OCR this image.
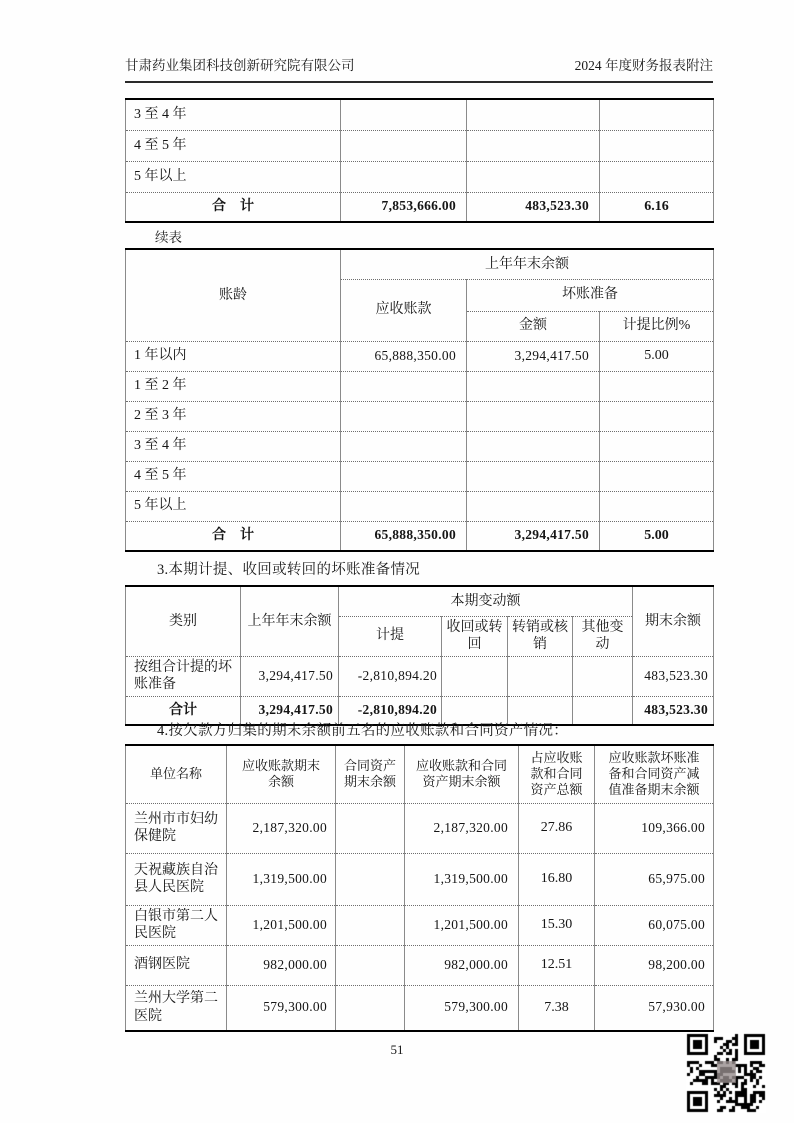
甘肃药业集团科技创新研究院有限公司	2024 年度财务报表附注
3 至 4 年			
4 至 5 年			
5 年以上			
合　计	7,853,666.00	483,523.30	6.16
续表
账龄	上年年末余额		
	应收账款	坏账准备	
		金额	计提比例%
1 年以内	65,888,350.00	3,294,417.50	5.00
1 至 2 年			
2 至 3 年			
3 至 4 年			
4 至 5 年			
5 年以上			
合　计	65,888,350.00	3,294,417.50	5.00
3.本期计提、收回或转回的坏账准备情况
类别	上年年末余额	本期变动额				期末余额
		计提	收回或转回	转销或核销	其他变动	
按组合计提的坏账准备	3,294,417.50	-2,810,894.20				483,523.30
合计	3,294,417.50	-2,810,894.20				483,523.30
4.按欠款方归集的期末余额前五名的应收账款和合同资产情况：
单位名称	应收账款期末余额	合同资产期末余额	应收账款和合同资产期末余额	占应收账款和合同资产总额	应收账款坏账准备和合同资产减值准备期末余额
兰州市市妇幼保健院	2,187,320.00		2,187,320.00	27.86	109,366.00
天祝藏族自治县人民医院	1,319,500.00		1,319,500.00	16.80	65,975.00
白银市第二人民医院	1,201,500.00		1,201,500.00	15.30	60,075.00
酒钢医院	982,000.00		982,000.00	12.51	98,200.00
兰州大学第二医院	579,300.00		579,300.00	7.38	57,930.00
51
